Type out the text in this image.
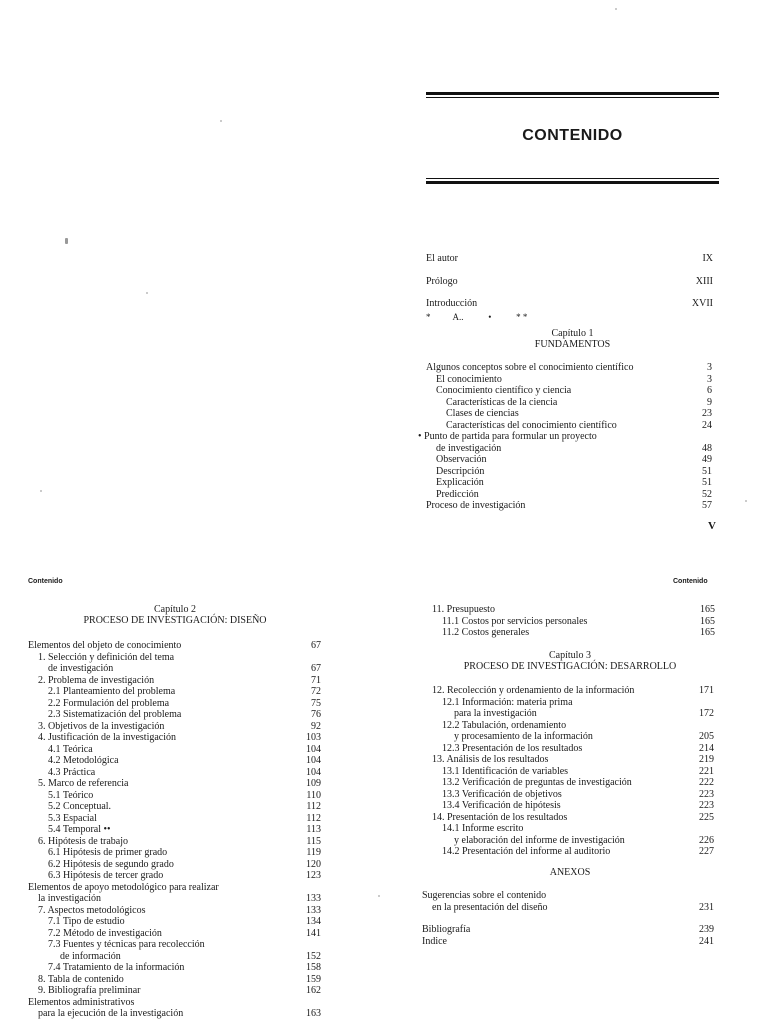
CONTENIDO
El autor	IX
Prólogo	XIII
Introducción	XVII
*          A..           •           * *
Capítulo 1
FUNDAMENTOS
Algunos conceptos sobre el conocimiento científico	3
El conocimiento	3
Conocimiento científico y ciencia	6
Características de la ciencia	9
Clases de ciencias	23
Características del conocimiento científico	24
• Punto de partida para formular un proyecto
de investigación	48
Observación	49
Descripción	51
Explicación	51
Predicción	52
Proceso de investigación	57
V
Contenido
Capítulo 2
PROCESO DE INVESTIGACIÓN: DISEÑO
Elementos del objeto de conocimiento	67
1. Selección y definición del tema
de investigación	67
2. Problema de investigación	71
2.1 Planteamiento del problema	72
2.2 Formulación del problema	75
2.3 Sistematización del problema	76
3. Objetivos de la investigación	92
4. Justificación de la investigación	103
4.1 Teórica	104
4.2 Metodológica	104
4.3 Práctica	104
5. Marco de referencia	109
5.1 Teórico	110
5.2 Conceptual.	112
5.3 Espacial	112
5.4 Temporal ••	113
6. Hipótesis de trabajo	115
6.1 Hipótesis de primer grado	119
6.2 Hipótesis de segundo grado	120
6.3 Hipótesis de tercer grado	123
Elementos de apoyo metodológico para realizar
la investigación	133
7. Aspectos metodológicos	133
7.1 Tipo de estudio	134
7.2 Método de investigación	141
7.3 Fuentes y técnicas para recolección
de información	152
7.4 Tratamiento de la información	158
8. Tabla de contenido	159
9. Bibliografía preliminar	162
Elementos administrativos
para la ejecución de la investigación	163
Contenido
11. Presupuesto	165
11.1 Costos por servicios personales	165
11.2 Costos generales	165
Capítulo 3
PROCESO DE INVESTIGACIÓN: DESARROLLO
12. Recolección y ordenamiento de la información	171
12.1 Información: materia prima
para la investigación	172
12.2 Tabulación, ordenamiento
y procesamiento de la información	205
12.3 Presentación de los resultados	214
13. Análisis de los resultados	219
13.1 Identificación de variables	221
13.2 Verificación de preguntas de investigación	222
13.3 Verificación de objetivos	223
13.4 Verificación de hipótesis	223
14. Presentación de los resultados	225
14.1 Informe escrito
y elaboración del informe de investigación	226
14.2 Presentación del informe al auditorio	227
ANEXOS
Sugerencias sobre el contenido
en la presentación del diseño	231
Bibliografía	239
Indice	241
